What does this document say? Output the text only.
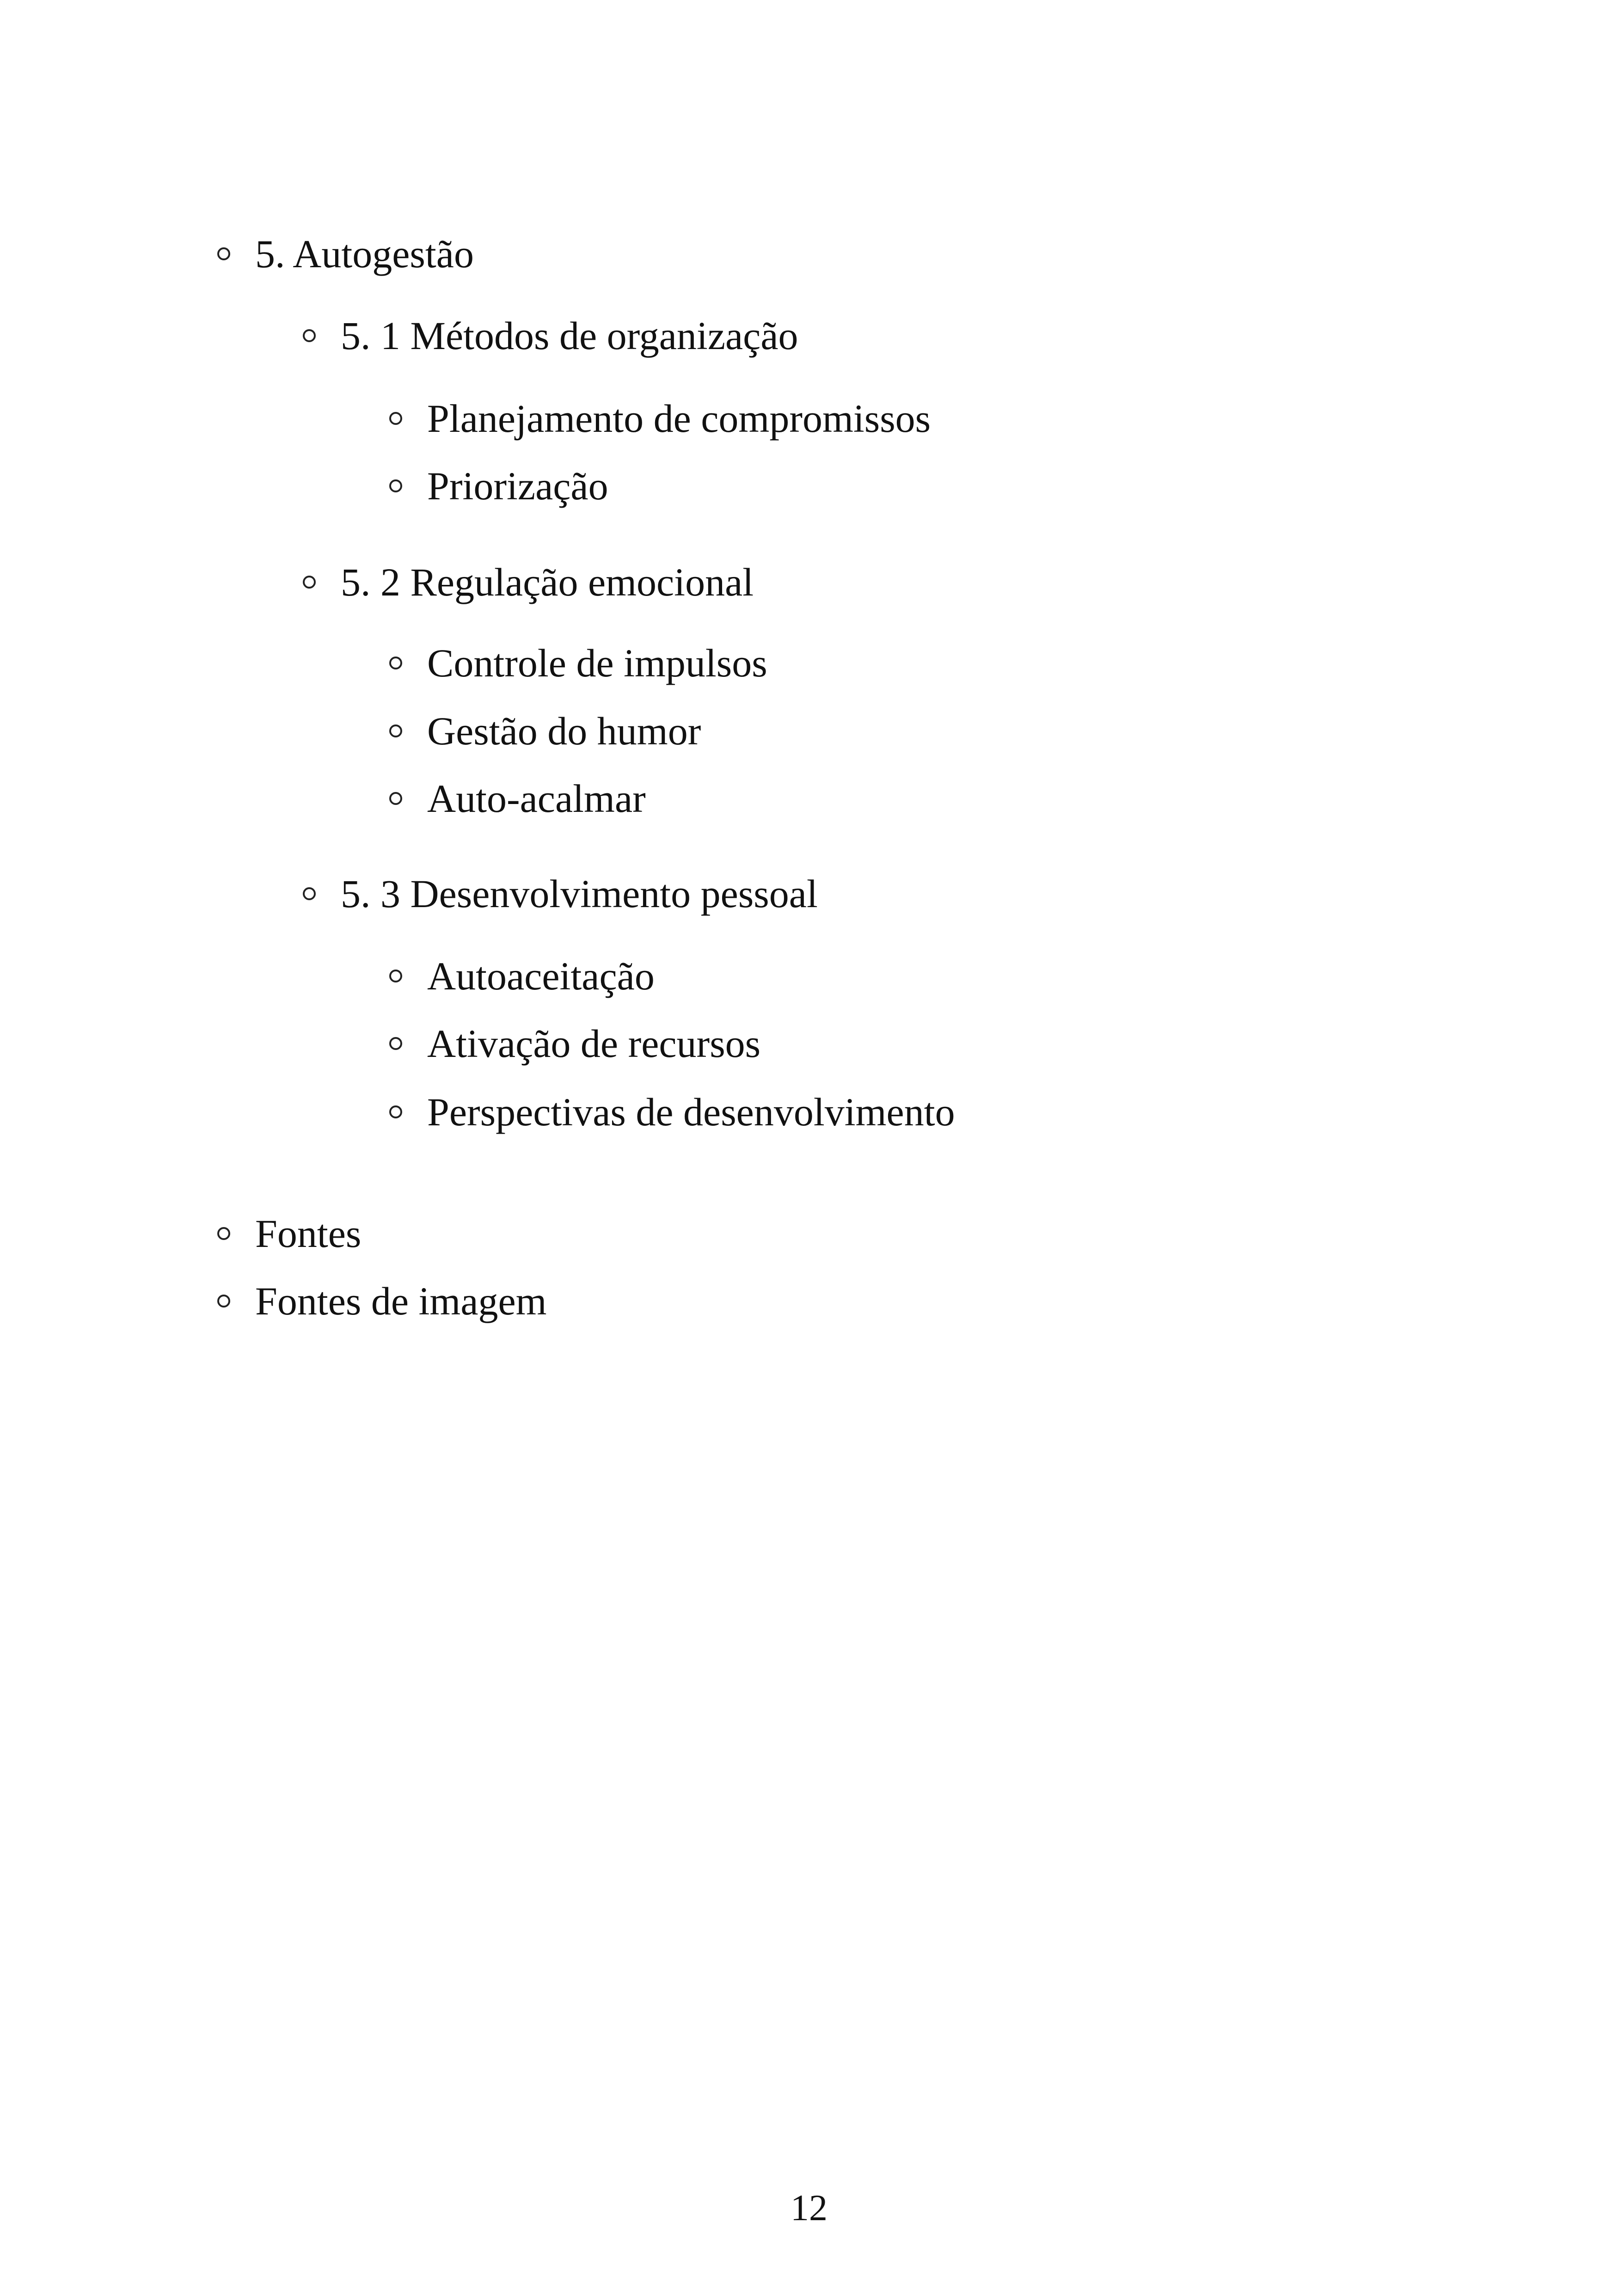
5. Autogestão
5. 1 Métodos de organização
Planejamento de compromissos
Priorização
5. 2 Regulação emocional
Controle de impulsos
Gestão do humor
Auto-acalmar
5. 3 Desenvolvimento pessoal
Autoaceitação
Ativação de recursos
Perspectivas de desenvolvimento
Fontes
Fontes de imagem
12
